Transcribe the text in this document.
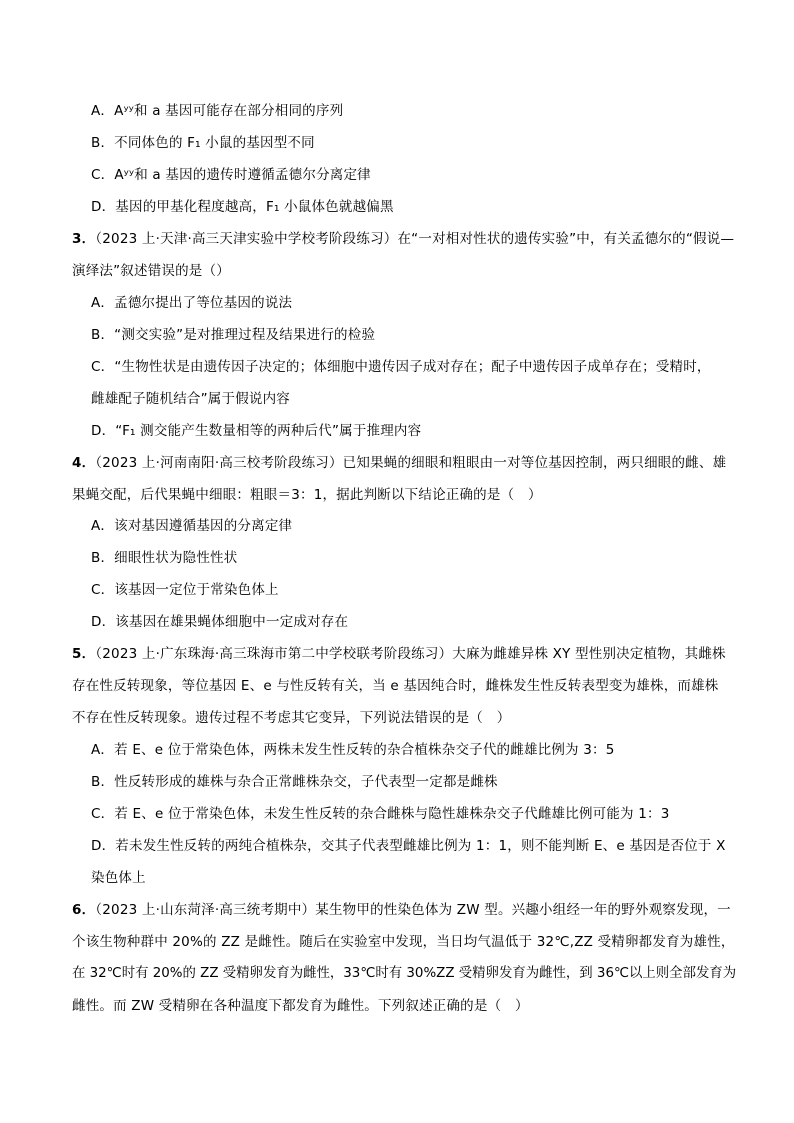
A．Aʸʸ和 a 基因可能存在部分相同的序列
B．不同体色的 F₁ 小鼠的基因型不同
C．Aʸʸ和 a 基因的遗传时遵循孟德尔分离定律
D．基因的甲基化程度越高，F₁ 小鼠体色就越偏黑
3．（2023 上·天津·高三天津实验中学校考阶段练习）在“一对相对性状的遗传实验”中，有关孟德尔的“假说—
演绎法”叙述错误的是（）
A．孟德尔提出了等位基因的说法
B．“测交实验”是对推理过程及结果进行的检验
C．“生物性状是由遗传因子决定的；体细胞中遗传因子成对存在；配子中遗传因子成单存在；受精时，
雌雄配子随机结合”属于假说内容
D．“F₁ 测交能产生数量相等的两种后代”属于推理内容
4．（2023 上·河南南阳·高三校考阶段练习）已知果蝇的细眼和粗眼由一对等位基因控制，两只细眼的雌、雄
果蝇交配，后代果蝇中细眼：粗眼＝3：1，据此判断以下结论正确的是（　）
A．该对基因遵循基因的分离定律
B．细眼性状为隐性性状
C．该基因一定位于常染色体上
D．该基因在雄果蝇体细胞中一定成对存在
5．（2023 上·广东珠海·高三珠海市第二中学校联考阶段练习）大麻为雌雄异株 XY 型性别决定植物，其雌株
存在性反转现象，等位基因 E、e 与性反转有关，当 e 基因纯合时，雌株发生性反转表型变为雄株，而雄株
不存在性反转现象。遗传过程不考虑其它变异，下列说法错误的是（　）
A．若 E、e 位于常染色体，两株未发生性反转的杂合植株杂交子代的雌雄比例为 3：5
B．性反转形成的雄株与杂合正常雌株杂交，子代表型一定都是雌株
C．若 E、e 位于常染色体，未发生性反转的杂合雌株与隐性雄株杂交子代雌雄比例可能为 1：3
D．若未发生性反转的两纯合植株杂，交其子代表型雌雄比例为 1：1，则不能判断 E、e 基因是否位于 X
染色体上
6．（2023 上·山东菏泽·高三统考期中）某生物甲的性染色体为 ZW 型。兴趣小组经一年的野外观察发现，一
个该生物种群中 20%的 ZZ 是雌性。随后在实验室中发现，当日均气温低于 32℃,ZZ 受精卵都发育为雄性，
在 32℃时有 20%的 ZZ 受精卵发育为雌性，33℃时有 30%ZZ 受精卵发育为雌性，到 36℃以上则全部发育为
雌性。而 ZW 受精卵在各种温度下都发育为雌性。下列叙述正确的是（　）
